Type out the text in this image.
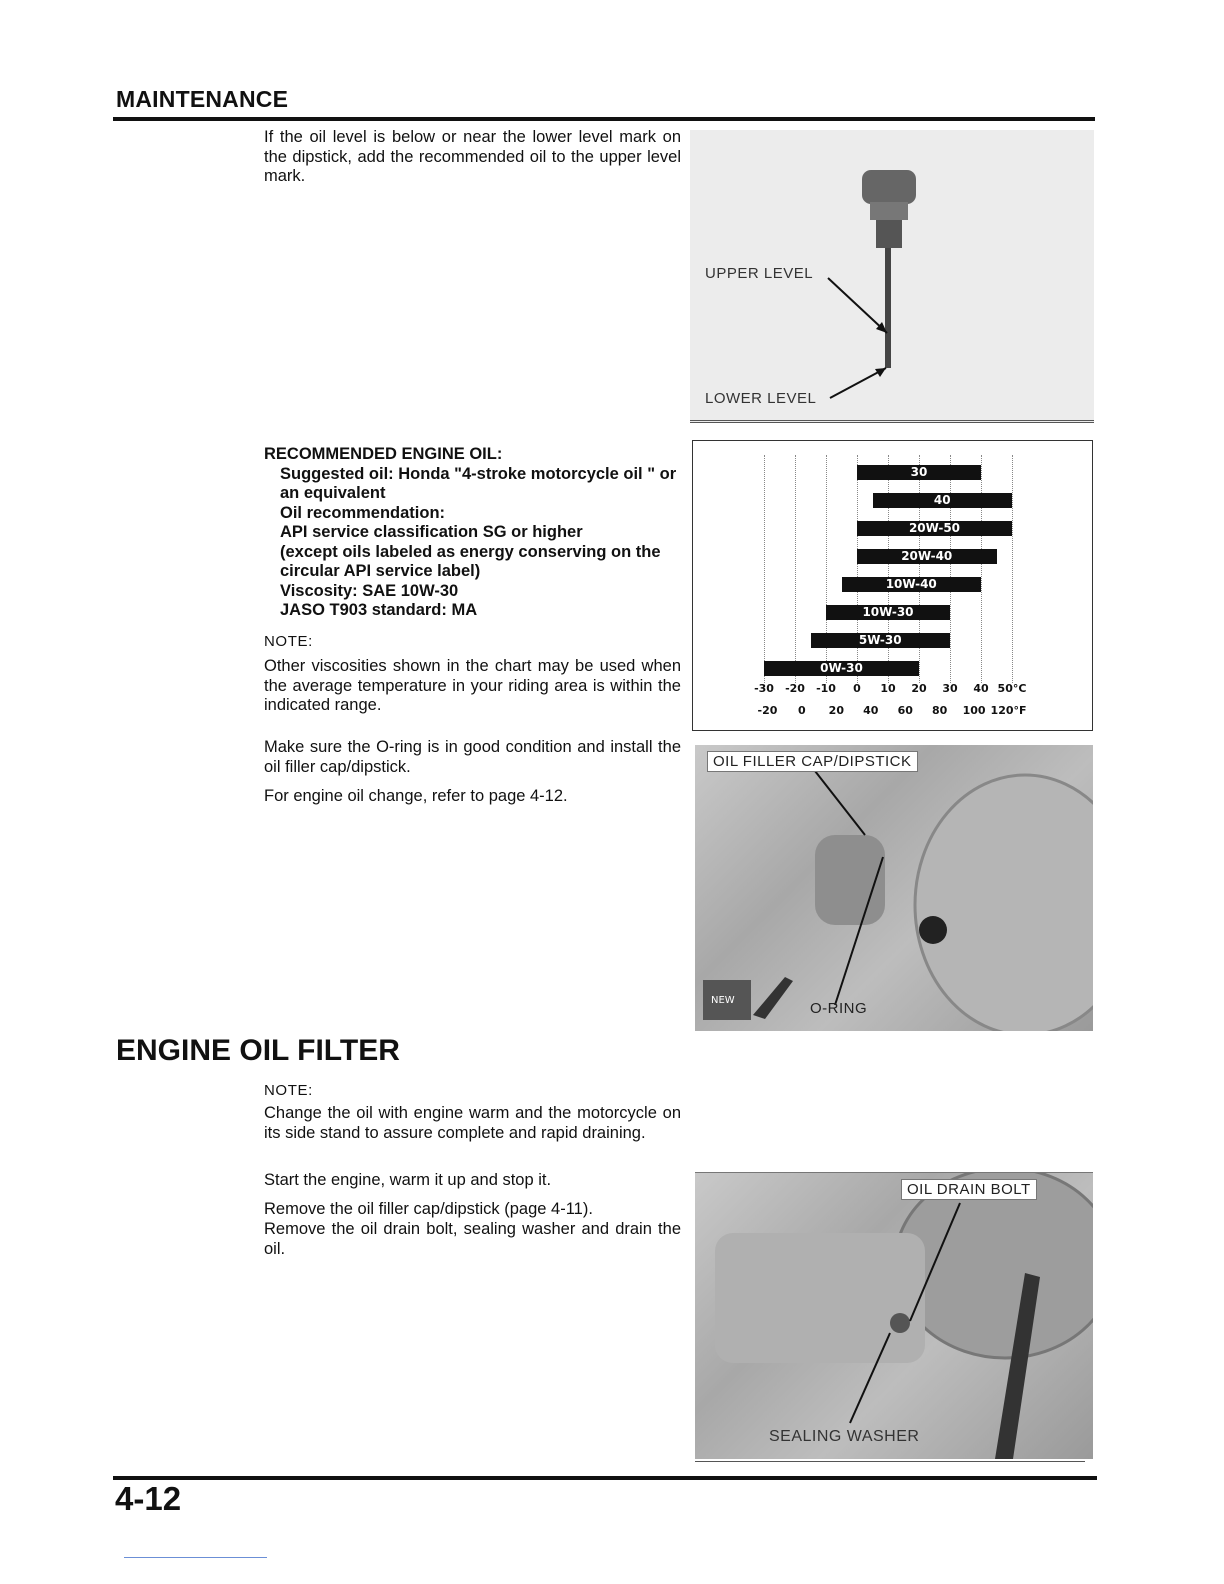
MAINTENANCE
If the oil level is below or near the lower level mark on the dipstick, add the recommended oil to the upper level mark.
UPPER LEVEL
LOWER LEVEL
RECOMMENDED ENGINE OIL:
Suggested oil: Honda "4-stroke motorcycle oil " or
an equivalent
Oil recommendation:
API service classification SG or higher
(except oils labeled as energy conserving on the
circular API service label)
Viscosity: SAE 10W-30
JASO T903 standard: MA
NOTE:
Other viscosities shown in the chart may be used when the average temperature in your riding area is within the indicated range.
30
40
20W-50
20W-40
10W-40
10W-30
5W-30
0W-30
-30 -20 -10 0 10 20 30 40 50°C
-20 0 20 40 60 80 100 120°F
Make sure the O-ring is in good condition and install the oil filler cap/dipstick.
For engine oil change, refer to page 4-12.
NEW
OIL FILLER CAP/DIPSTICK
O-RING
ENGINE OIL FILTER
NOTE:
Change the oil with engine warm and the motorcycle on its side stand to assure complete and rapid draining.
Start the engine, warm it up and stop it.
Remove the oil filler cap/dipstick (page 4-11).
Remove the oil drain bolt, sealing washer and drain the oil.
OIL DRAIN BOLT
SEALING WASHER
4-12
